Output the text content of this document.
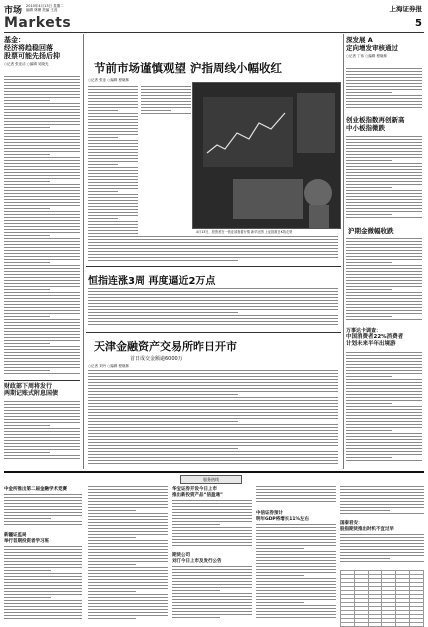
市场 2010年4月13日 星期二
编辑 林珊 美编 王蕊
Markets
上海证券报
5
基金：
经济将趋稳回落
股票可能先扬后抑
○记者 张亚洁 ○编辑 吴晓光
财政部下周将发行
两期记账式附息国债
节前市场谨慎观望 沪指周线小幅收红
○记者 张亚 ○编辑 程晓林
4月13日，投资者在一营业部查看行情 新华社图 上证指数日K线走势
深发展 A
定向增发审核通过
○记者 丁伟 ○编辑 程晓林
创业板指数再创新高
中小板指微跌
沪期金微幅收跌
万事达卡调查：
中国消费者22%消费者
计划未来半年出境游
恒指连涨3周 再度逼近2万点
天津金融资产交易所昨日开市
首日成交金额逾6000万
○记者 刘丹 ○编辑 程晓林
服务热线
中金所推出第二届金融学术竞赛
新疆证监局
举行首期投资者学习班
华宝证券开设今日上市
推出新投资产品“信盈通”
期货公司
刘汀今日上市及发行公告
中信证券预计
明年GDP将增长11%左右
国泰君安：
股指期货推出时机不宜过早
